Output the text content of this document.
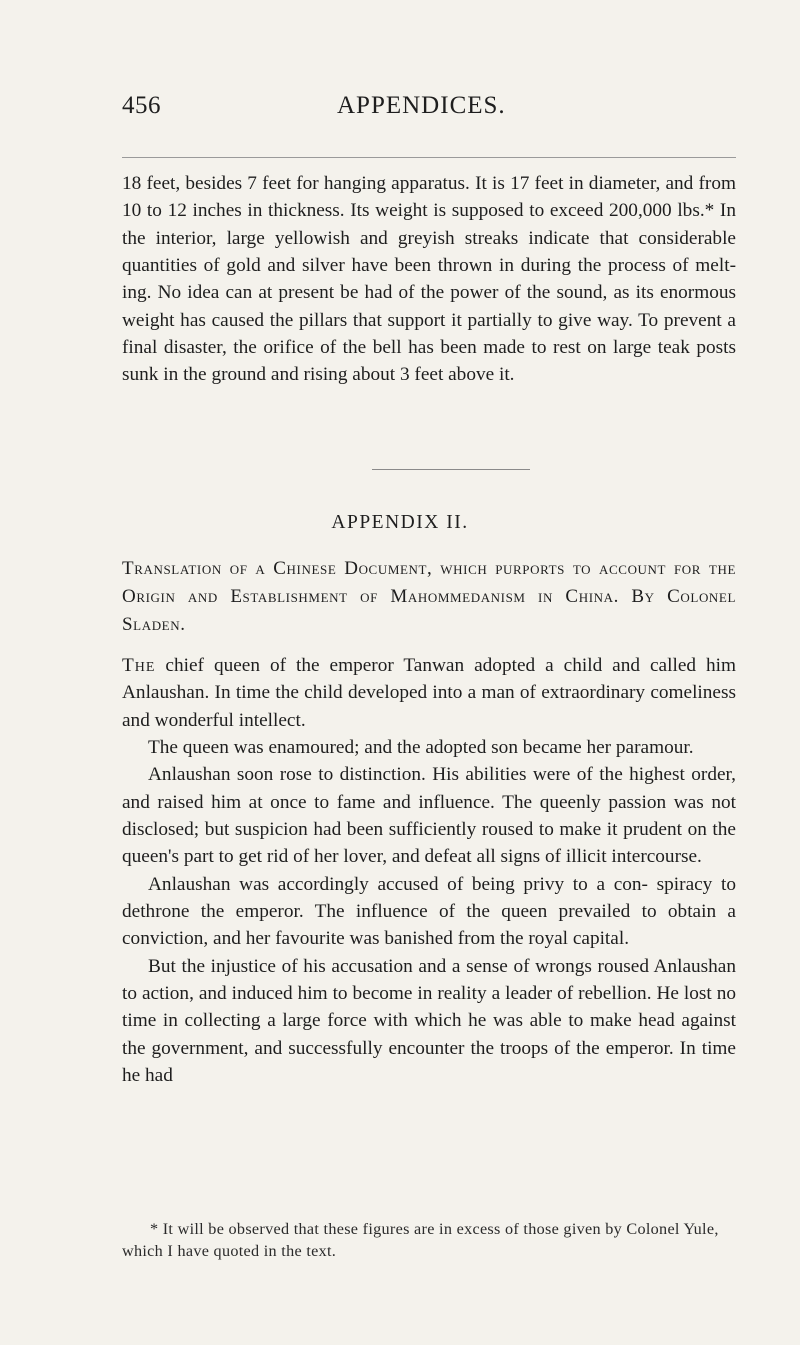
456	APPENDICES.

18 feet, besides 7 feet for hanging apparatus. It is 17 feet in diameter, and from 10 to 12 inches in thickness. Its weight is supposed to exceed 200,000 lbs.* In the interior, large yellowish and greyish streaks indicate that considerable quantities of gold and silver have been thrown in during the process of melt- ing. No idea can at present be had of the power of the sound, as its enormous weight has caused the pillars that support it partially to give way. To prevent a final disaster, the orifice of the bell has been made to rest on large teak posts sunk in the ground and rising about 3 feet above it.

APPENDIX II.

Translation of a Chinese Document, which purports to account for the Origin and Establishment of Mahommedanism in China. By Colonel Sladen.

The chief queen of the emperor Tanwan adopted a child and called him Anlaushan. In time the child developed into a man of extraordinary comeliness and wonderful intellect.

The queen was enamoured; and the adopted son became her paramour.

Anlaushan soon rose to distinction. His abilities were of the highest order, and raised him at once to fame and influence. The queenly passion was not disclosed; but suspicion had been sufficiently roused to make it prudent on the queen's part to get rid of her lover, and defeat all signs of illicit intercourse.

Anlaushan was accordingly accused of being privy to a con- spiracy to dethrone the emperor. The influence of the queen prevailed to obtain a conviction, and her favourite was banished from the royal capital.

But the injustice of his accusation and a sense of wrongs roused Anlaushan to action, and induced him to become in reality a leader of rebellion. He lost no time in collecting a large force with which he was able to make head against the government, and successfully encounter the troops of the emperor. In time he had

* It will be observed that these figures are in excess of those given by Colonel Yule, which I have quoted in the text.
